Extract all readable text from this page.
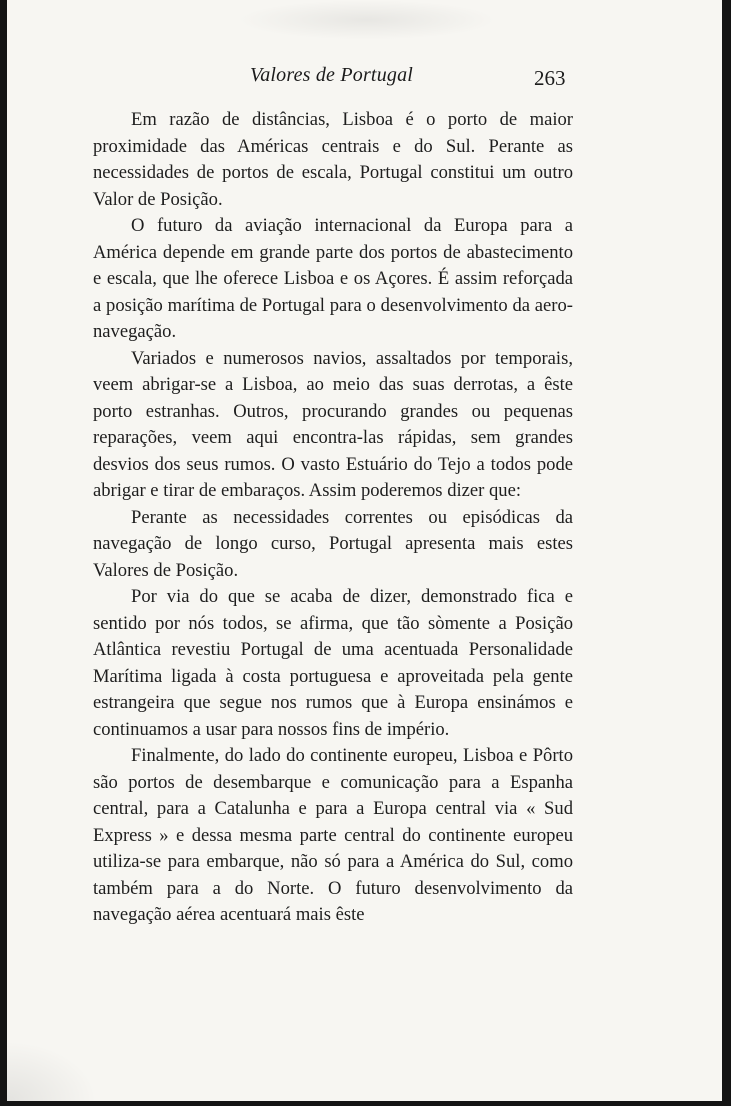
Valores de Portugal	263

Em razão de distâncias, Lisboa é o porto de maior proximidade das Américas centrais e do Sul. Perante as necessidades de portos de escala, Portugal constitui um outro Valor de Posição.

O futuro da aviação internacional da Europa para a América depende em grande parte dos portos de abastecimento e escala, que lhe oferece Lisboa e os Açores. É assim reforçada a posição marítima de Portugal para o desenvolvimento da aero-navegação.

Variados e numerosos navios, assaltados por temporais, veem abrigar-se a Lisboa, ao meio das suas derrotas, a êste porto estranhas. Outros, procurando grandes ou pequenas reparações, veem aqui encontra-las rápidas, sem grandes desvios dos seus rumos. O vasto Estuário do Tejo a todos pode abrigar e tirar de embaraços. Assim poderemos dizer que:

Perante as necessidades correntes ou episódicas da navegação de longo curso, Portugal apresenta mais estes Valores de Posição.

Por via do que se acaba de dizer, demonstrado fica e sentido por nós todos, se afirma, que tão sòmente a Posição Atlântica revestiu Portugal de uma acentuada Personalidade Marítima ligada à costa portuguesa e aproveitada pela gente estrangeira que segue nos rumos que à Europa ensinámos e continuamos a usar para nossos fins de império.

Finalmente, do lado do continente europeu, Lisboa e Pôrto são portos de desembarque e comunicação para a Espanha central, para a Catalunha e para a Europa central via « Sud Express » e dessa mesma parte central do continente europeu utiliza-se para embarque, não só para a América do Sul, como também para a do Norte. O futuro desenvolvimento da navegação aérea acentuará mais êste
